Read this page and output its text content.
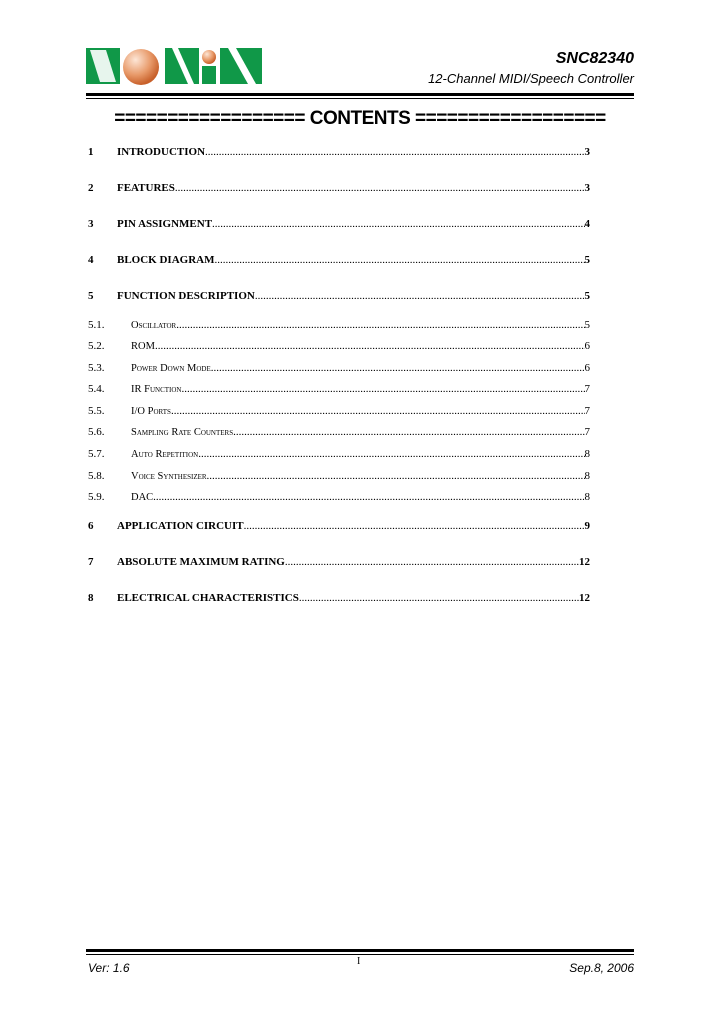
SNC82340
12-Channel MIDI/Speech Controller
================== CONTENTS ==================
1	INTRODUCTION .....	3
2	FEATURES .....	3
3	PIN ASSIGNMENT .....	4
4	BLOCK DIAGRAM .....	5
5	FUNCTION DESCRIPTION .....	5
5.1.	Oscillator .....	5
5.2.	ROM .....	6
5.3.	Power Down Mode .....	6
5.4.	IR Function .....	7
5.5.	I/O Ports .....	7
5.6.	Sampling Rate Counters .....	7
5.7.	Auto Repetition .....	8
5.8.	Voice Synthesizer .....	8
5.9.	DAC .....	8
6	APPLICATION CIRCUIT .....	9
7	ABSOLUTE MAXIMUM RATING .....	12
8	ELECTRICAL CHARACTERISTICS .....	12
Ver: 1.6	I	Sep.8, 2006
